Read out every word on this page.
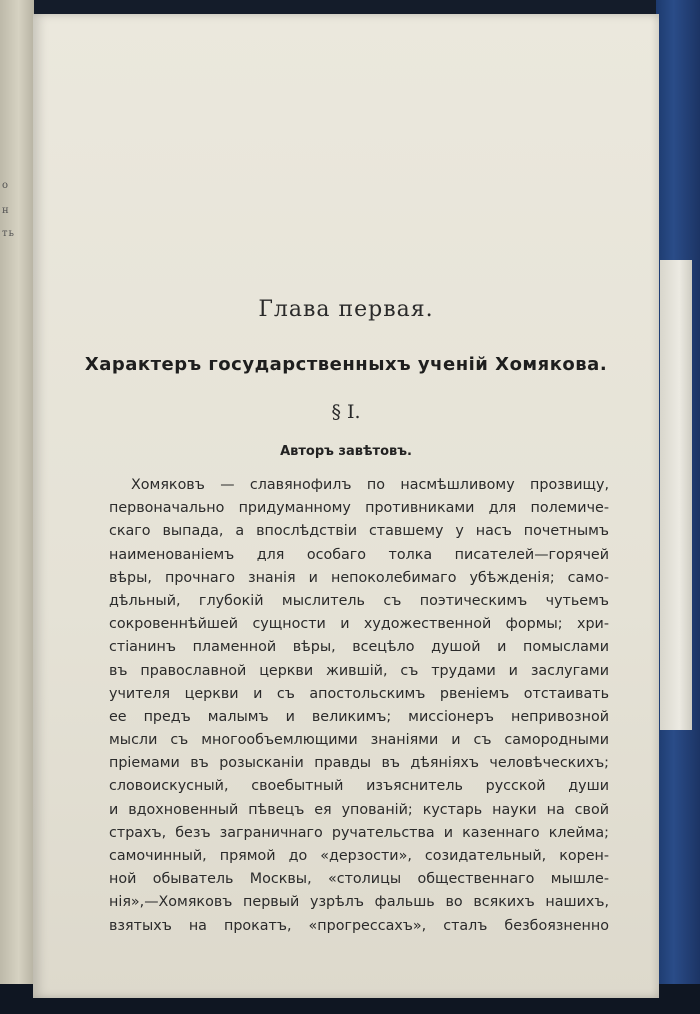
о
н
ть
Глава первая.
Характеръ государственныхъ ученій Хомякова.
§ I.
Авторъ завѣтовъ.
Хомяковъ — славянофилъ по насмѣшливому прозвищу,
первоначально придуманному противниками для полемиче-
скаго выпада, а впослѣдствіи ставшему у насъ почетнымъ
наименованіемъ для особаго толка писателей—горячей
вѣры, прочнаго знанія и непоколебимаго убѣжденія; само-
дѣльный, глубокій мыслитель съ поэтическимъ чутьемъ
сокровеннѣйшей сущности и художественной формы; хри-
стіанинъ пламенной вѣры, всецѣло душой и помыслами
въ православной церкви жившій, съ трудами и заслугами
учителя церкви и съ апостольскимъ рвеніемъ отстаивать
ее предъ малымъ и великимъ; миссіонеръ непривозной
мысли съ многообъемлющими знаніями и съ самородными
пріемами въ розысканіи правды въ дѣяніяхъ человѣческихъ;
словоискусный, своебытный изъяснитель русской души
и вдохновенный пѣвецъ ея упованій; кустарь науки на свой
страхъ, безъ заграничнаго ручательства и казеннаго клейма;
самочинный, прямой до «дерзости», созидательный, корен-
ной обыватель Москвы, «столицы общественнаго мышле-
нія»,—Хомяковъ первый узрѣлъ фальшь во всякихъ нашихъ,
взятыхъ на прокатъ, «прогрессахъ», сталъ безбоязненно
